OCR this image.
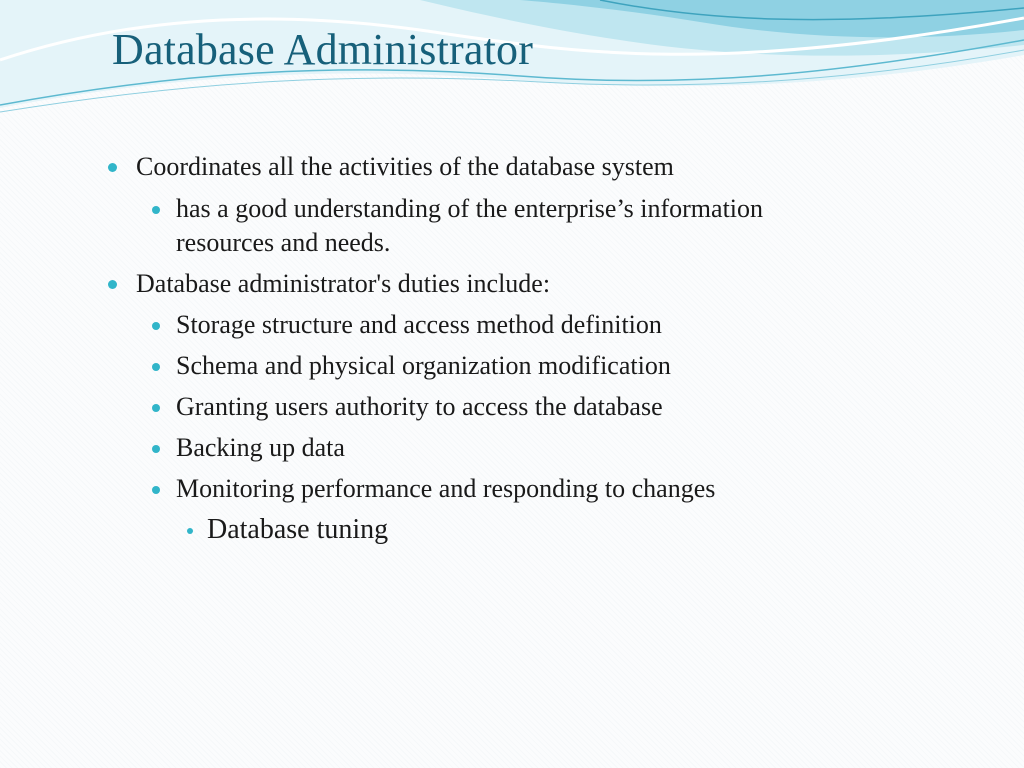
Database Administrator
Coordinates all the activities of the database system
has a good understanding of the enterprise’s information resources and needs.
Database administrator's duties include:
Storage structure and access method definition
Schema and physical organization modification
Granting users authority to access the database
Backing up data
Monitoring performance and responding to changes
Database tuning
